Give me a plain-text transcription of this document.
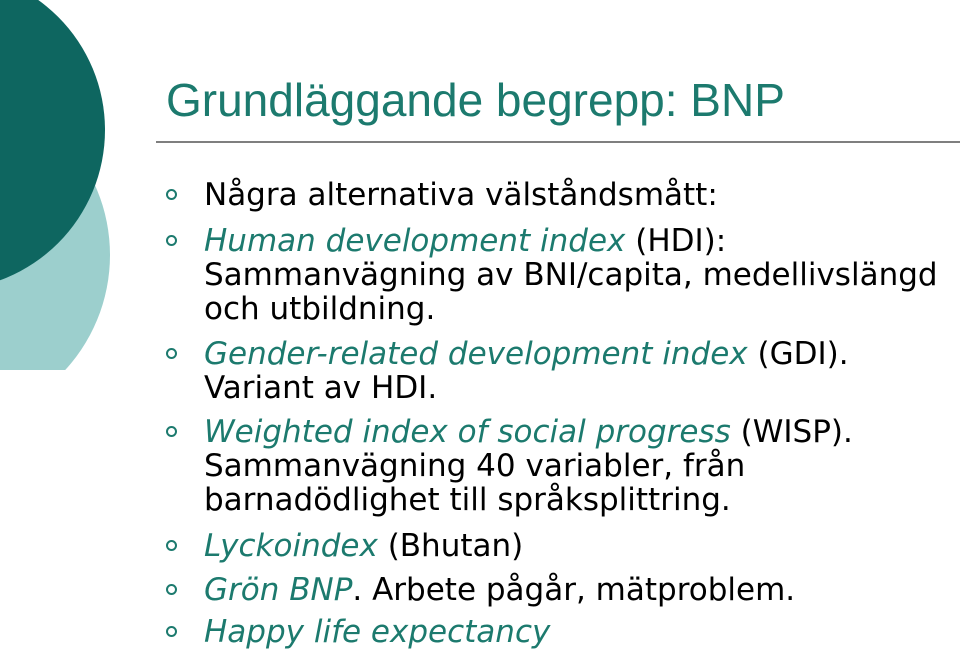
Grundläggande begrepp: BNP
Några alternativa välståndsmått:
Human development index (HDI): Sammanvägning av BNI/capita, medellivslängd och utbildning.
Gender-related development index (GDI). Variant av HDI.
Weighted index of social progress (WISP). Sammanvägning 40 variabler, från barnadödlighet till språksplittring.
Lyckoindex (Bhutan)
Grön BNP. Arbete pågår, mätproblem.
Happy life expectancy
